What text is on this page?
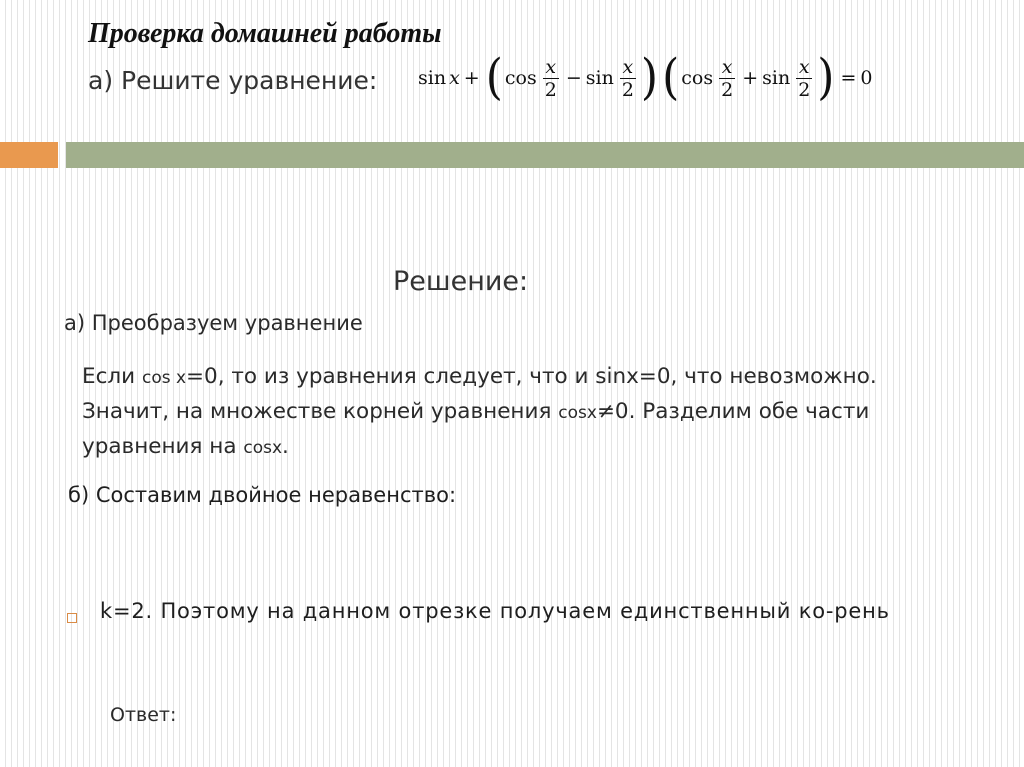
Проверка домашней работы
а) Решите уравнение: sin x + ( $\cos \frac{x}{2} - \sin \frac{x}{2}$ ) ( $\cos \frac{x}{2} + \sin \frac{x}{2}$ ) = 0
Решение:
а) Преобразуем уравнение
Если cos x=0, то из уравнения следует, что и sinx=0, что невозможно. Значит, на множестве корней уравнения cosx≠0. Разделим обе части уравнения на cosx.
б) Составим двойное неравенство:
k=2. Поэтому на данном отрезке получаем единственный ко-рень
Ответ:
